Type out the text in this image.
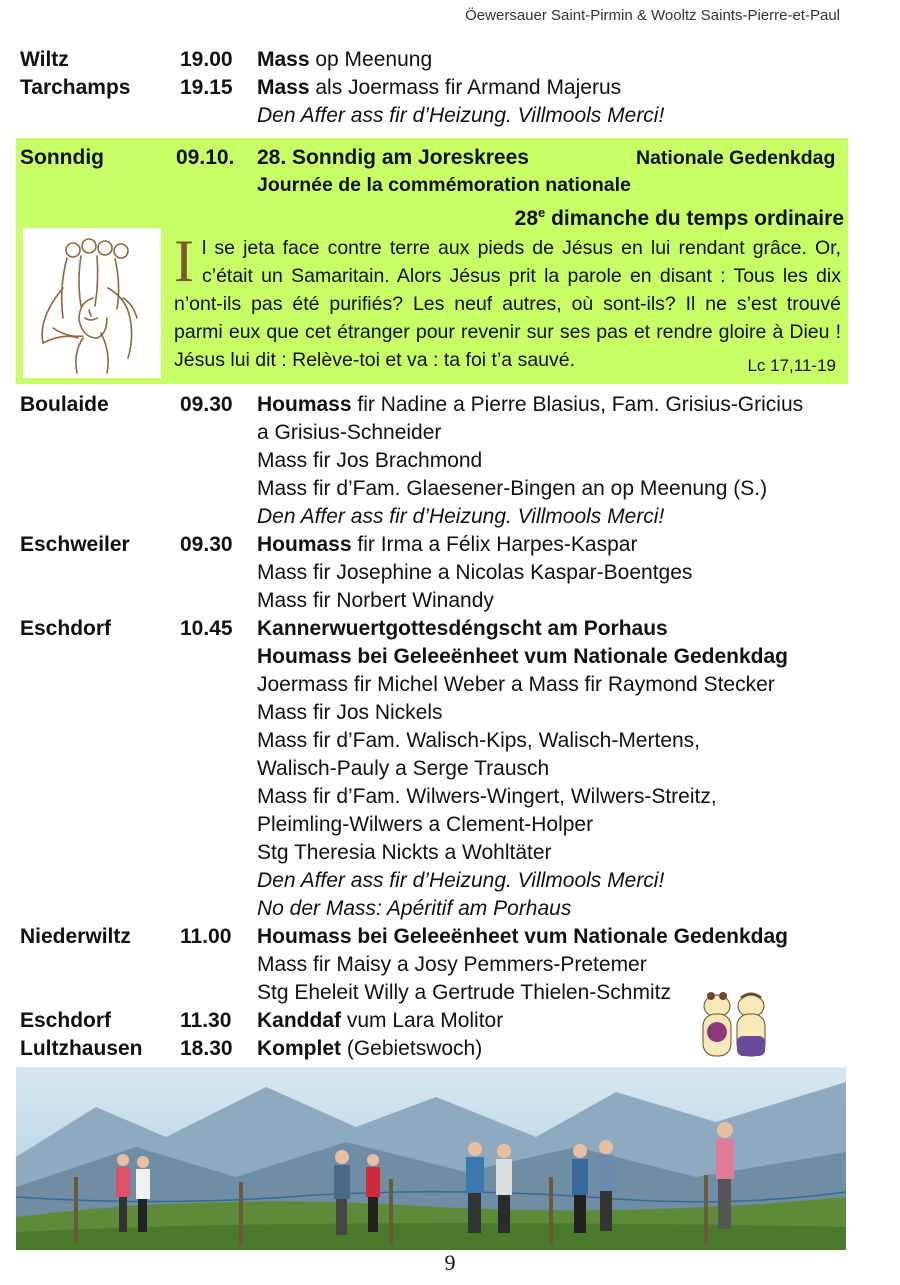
Öewersauer Saint-Pirmin & Wooltz Saints-Pierre-et-Paul
Wiltz	19.00 Mass op Meenung
Tarchamps 19.15 Mass als Joermass fir Armand Majerus
Den Affer ass fir d’Heizung. Villmools Merci!
Sonndig	09.10. 28. Sonndig am Joreskrees	Nationale Gedenkdag
Journée de la commémoration nationale
28e dimanche du temps ordinaire
Il se jeta face contre terre aux pieds de Jésus en lui rendant grâce. Or, c’était un Samaritain. Alors Jésus prit la parole en disant : Tous les dix n’ont-ils pas été purifiés? Les neuf autres, où sont-ils? Il ne s’est trouvé parmi eux que cet étranger pour revenir sur ses pas et rendre gloire à Dieu ! Jésus lui dit : Relève-toi et va : ta foi t’a sauvé.	Lc 17,11-19
Boulaide	09.30 Houmass fir Nadine a Pierre Blasius, Fam. Grisius-Gricius
a Grisius-Schneider
Mass fir Jos Brachmond
Mass fir d’Fam. Glaesener-Bingen an op Meenung (S.)
Den Affer ass fir d’Heizung. Villmools Merci!
Eschweiler 09.30 Houmass fir Irma a Félix Harpes-Kaspar
Mass fir Josephine a Nicolas Kaspar-Boentges
Mass fir Norbert Winandy
Eschdorf	10.45 Kannerwuertgottesdéngscht am Porhaus
Houmass bei Geleeënheet vum Nationale Gedenkdag
Joermass fir Michel Weber a Mass fir Raymond Stecker
Mass fir Jos Nickels
Mass fir d’Fam. Walisch-Kips, Walisch-Mertens,
Walisch-Pauly a Serge Trausch
Mass fir d’Fam. Wilwers-Wingert, Wilwers-Streitz,
Pleimling-Wilwers a Clement-Holper
Stg Theresia Nickts a Wohltäter
Den Affer ass fir d’Heizung. Villmools Merci!
No der Mass: Apéritif am Porhaus
Niederwiltz 11.00 Houmass bei Geleeënheet vum Nationale Gedenkdag
Mass fir Maisy a Josy Pemmers-Pretemer
Stg Eheleit Willy a Gertrude Thielen-Schmitz
Eschdorf	11.30 Kanddaf vum Lara Molitor
Lultzhausen 18.30 Komplet (Gebietswoch)
9
